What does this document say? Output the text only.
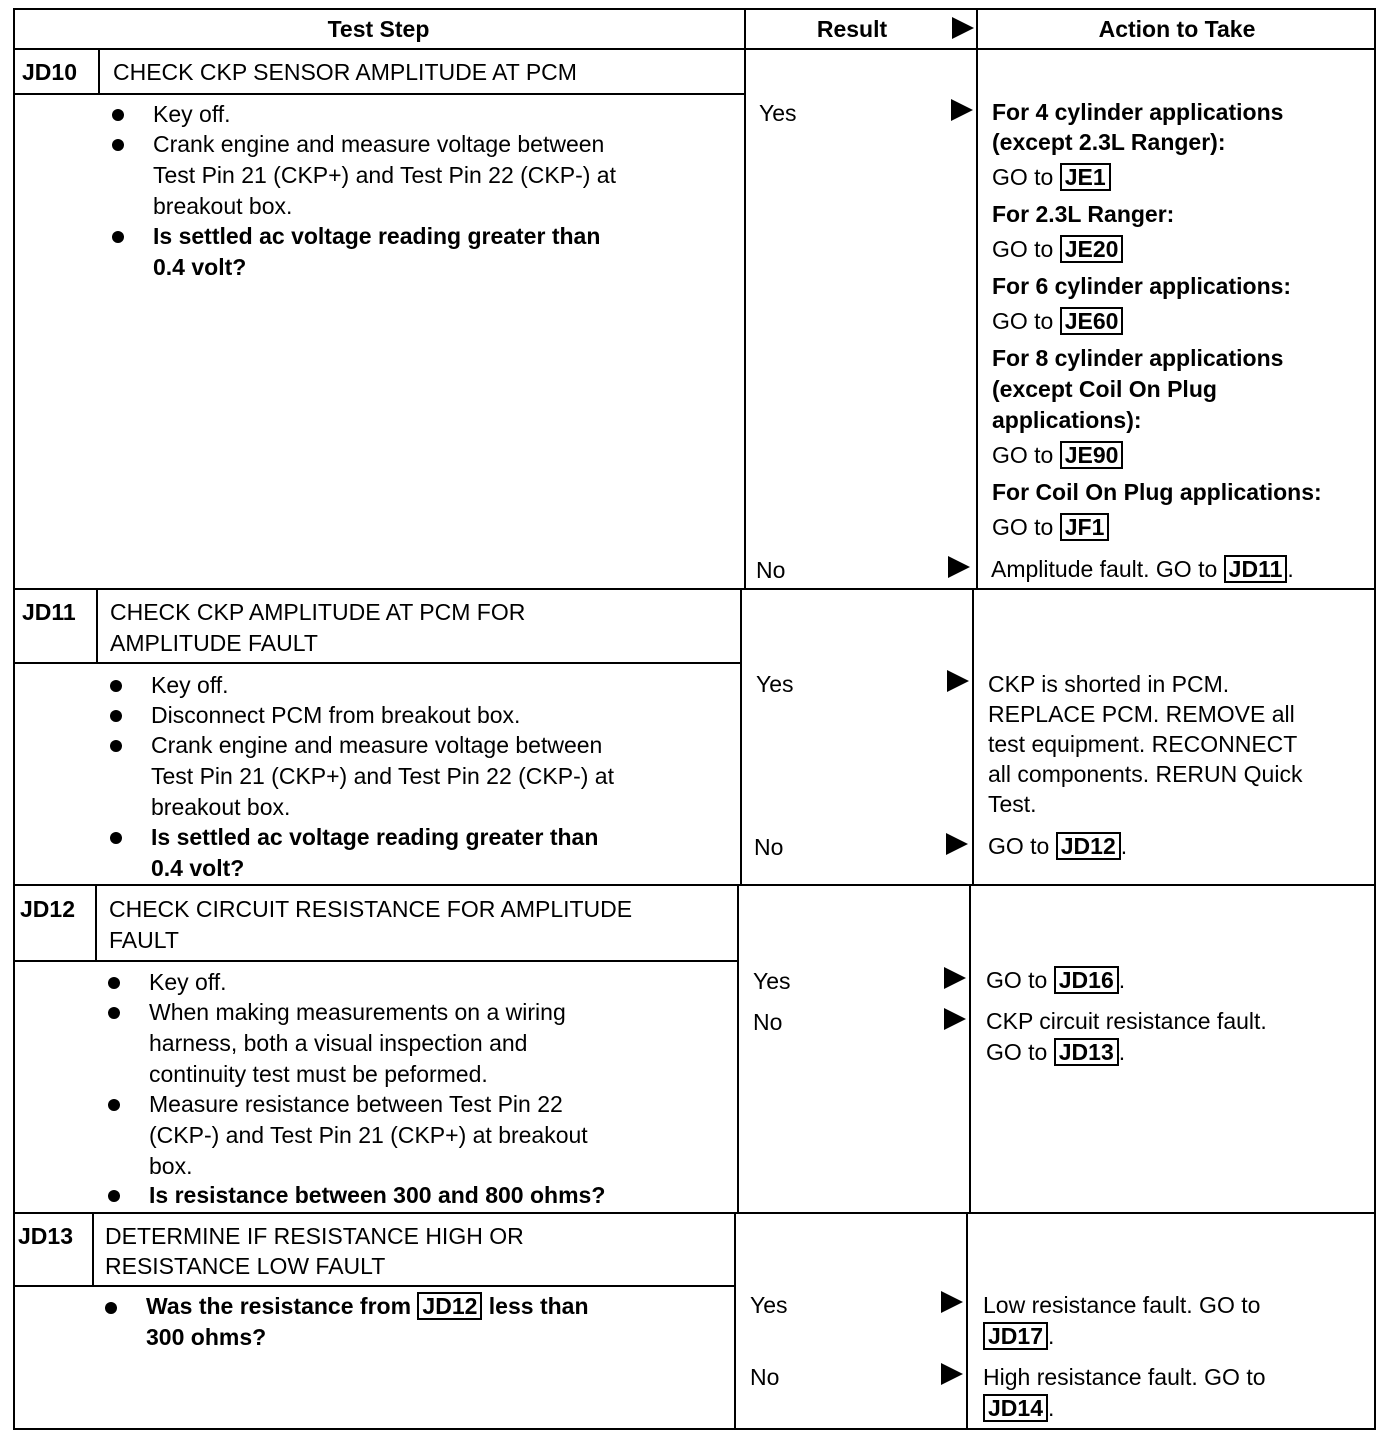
Test Step	Result	Action to Take
JD10 CHECK CKP SENSOR AMPLITUDE AT PCM
Key off.
Crank engine and measure voltage between
Test Pin 21 (CKP+) and Test Pin 22 (CKP-) at
breakout box.
Is settled ac voltage reading greater than
0.4 volt?
Yes	For 4 cylinder applications
(except 2.3L Ranger):
GO to JE1
For 2.3L Ranger:
GO to JE20
For 6 cylinder applications:
GO to JE60
For 8 cylinder applications
(except Coil On Plug
applications):
GO to JE90
For Coil On Plug applications:
GO to JF1
No	Amplitude fault. GO to JD11 .
JD11 CHECK CKP AMPLITUDE AT PCM FOR
AMPLITUDE FAULT
Key off.
Disconnect PCM from breakout box.
Crank engine and measure voltage between
Test Pin 21 (CKP+) and Test Pin 22 (CKP-) at
breakout box.
Is settled ac voltage reading greater than
0.4 volt?
Yes	CKP is shorted in PCM.
REPLACE PCM. REMOVE all
test equipment. RECONNECT
all components. RERUN Quick
Test.
No	GO to JD12 .
JD12 CHECK CIRCUIT RESISTANCE FOR AMPLITUDE
FAULT
Key off.
When making measurements on a wiring
harness, both a visual inspection and
continuity test must be peformed.
Measure resistance between Test Pin 22
(CKP-) and Test Pin 21 (CKP+) at breakout
box.
Is resistance between 300 and 800 ohms?
Yes	GO to JD16 .
No	CKP circuit resistance fault.
GO to JD13 .
JD13 DETERMINE IF RESISTANCE HIGH OR
RESISTANCE LOW FAULT
Was the resistance from JD12 less than
300 ohms?
Yes	Low resistance fault. GO to
JD17 .
No	High resistance fault. GO to
JD14 .
